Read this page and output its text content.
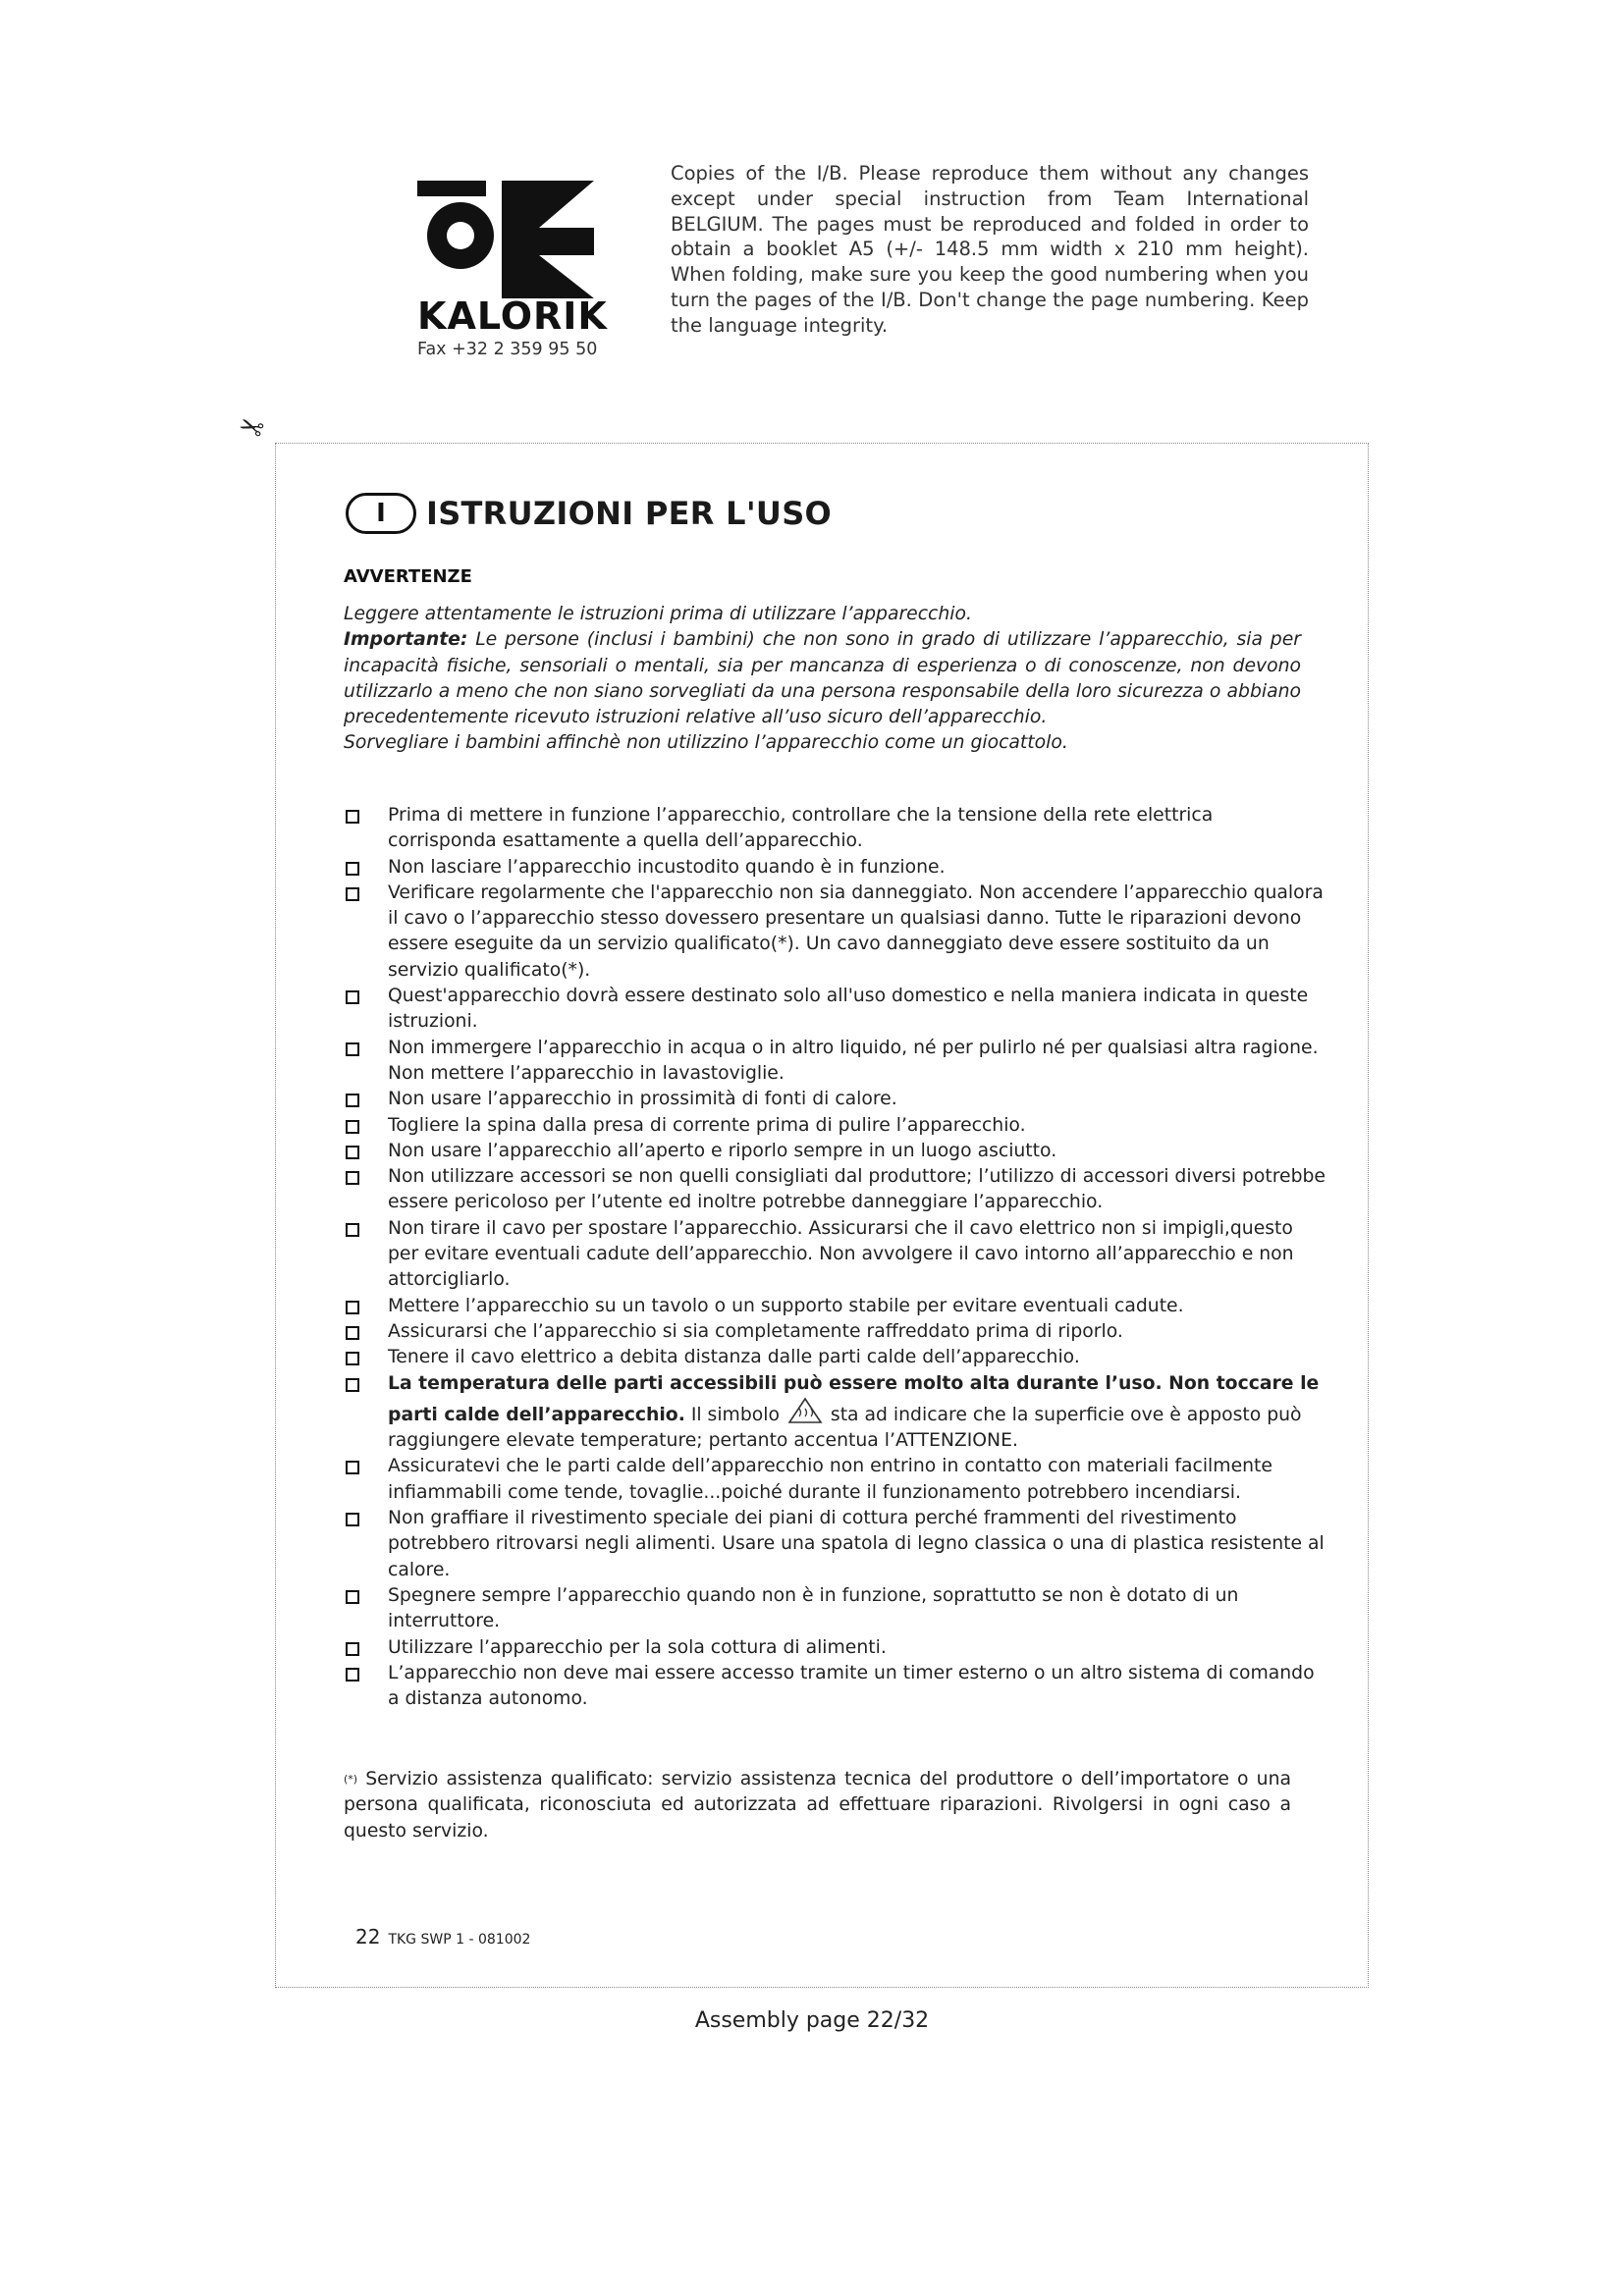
KALORIK
Fax +32 2 359 95 50
Copies of the I/B. Please reproduce them without any changes except under special instruction from Team International BELGIUM. The pages must be reproduced and folded in order to obtain a booklet A5 (+/- 148.5 mm width x 210 mm height). When folding, make sure you keep the good numbering when you turn the pages of the I/B. Don't change the page numbering. Keep the language integrity.
✂
I	ISTRUZIONI PER L'USO
AVVERTENZE

Leggere attentamente le istruzioni prima di utilizzare l’apparecchio.

Importante: Le persone (inclusi i bambini) che non sono in grado di utilizzare l’apparecchio, sia per incapacità fisiche, sensoriali o mentali, sia per mancanza di esperienza o di conoscenze, non devono utilizzarlo a meno che non siano sorvegliati da una persona responsabile della loro sicurezza o abbiano precedentemente ricevuto istruzioni relative all’uso sicuro dell’apparecchio.

Sorvegliare i bambini affinchè non utilizzino l’apparecchio come un giocattolo.

Prima di mettere in funzione l’apparecchio, controllare che la tensione della rete elettrica corrisponda esattamente a quella dell’apparecchio.
Non lasciare l’apparecchio incustodito quando è in funzione.
Verificare regolarmente che l'apparecchio non sia danneggiato. Non accendere l’apparecchio qualora il cavo o l’apparecchio stesso dovessero presentare un qualsiasi danno. Tutte le riparazioni devono essere eseguite da un servizio qualificato(*). Un cavo danneggiato deve essere sostituito da un servizio qualificato(*).
Quest'apparecchio dovrà essere destinato solo all'uso domestico e nella maniera indicata in queste istruzioni.
Non immergere l’apparecchio in acqua o in altro liquido, né per pulirlo né per qualsiasi altra ragione. Non mettere l’apparecchio in lavastoviglie.
Non usare l’apparecchio in prossimità di fonti di calore.
Togliere la spina dalla presa di corrente prima di pulire l’apparecchio.
Non usare l’apparecchio all’aperto e riporlo sempre in un luogo asciutto.
Non utilizzare accessori se non quelli consigliati dal produttore; l’utilizzo di accessori diversi potrebbe essere pericoloso per l’utente ed inoltre potrebbe danneggiare l’apparecchio.
Non tirare il cavo per spostare l’apparecchio. Assicurarsi che il cavo elettrico non si impigli,questo per evitare eventuali cadute dell’apparecchio. Non avvolgere il cavo intorno all’apparecchio e non attorcigliarlo.
Mettere l’apparecchio su un tavolo o un supporto stabile per evitare eventuali cadute.
Assicurarsi che l’apparecchio si sia completamente raffreddato prima di riporlo.
Tenere il cavo elettrico a debita distanza dalle parti calde dell’apparecchio.
La temperatura delle parti accessibili può essere molto alta durante l’uso. Non toccare le parti calde dell’apparecchio. Il simbolo  sta ad indicare che la superficie ove è apposto può raggiungere elevate temperature; pertanto accentua l’ATTENZIONE.
Assicuratevi che le parti calde dell’apparecchio non entrino in contatto con materiali facilmente infiammabili come tende, tovaglie...poiché durante il funzionamento potrebbero incendiarsi.
Non graffiare il rivestimento speciale dei piani di cottura perché frammenti del rivestimento potrebbero ritrovarsi negli alimenti. Usare una spatola di legno classica o una di plastica resistente al calore.
Spegnere sempre l’apparecchio quando non è in funzione, soprattutto se non è dotato di un interruttore.
Utilizzare l’apparecchio per la sola cottura di alimenti.
L’apparecchio non deve mai essere accesso tramite un timer esterno o un altro sistema di comando a distanza autonomo.
(*) Servizio assistenza qualificato: servizio assistenza tecnica del produttore o dell’importatore o una persona qualificata, riconosciuta ed autorizzata ad effettuare riparazioni. Rivolgersi in ogni caso a questo servizio.
22 TKG SWP 1 - 081002
Assembly page 22/32
